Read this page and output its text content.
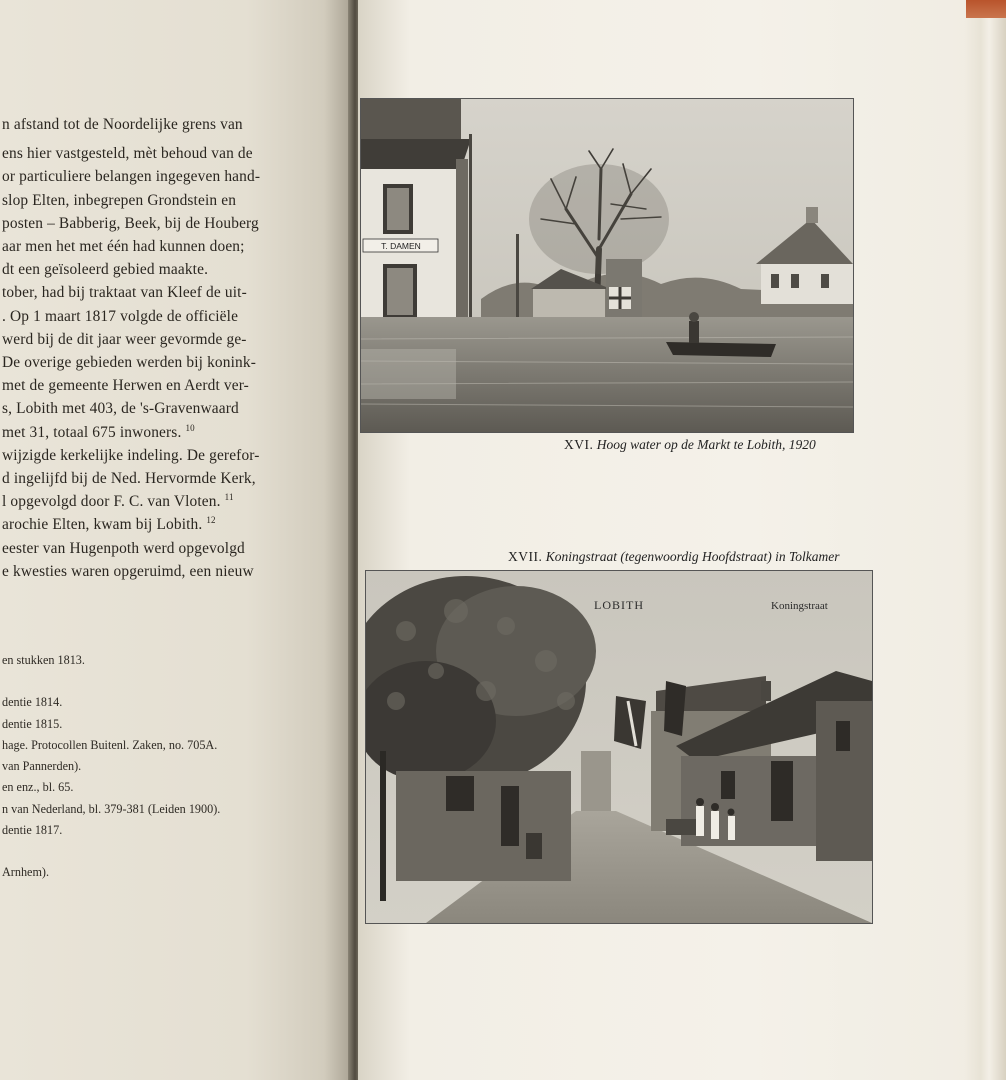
n afstand tot de Noordelijke grens van
ens hier vastgesteld, mèt behoud van de
or particuliere belangen ingegeven hand-
slop Elten, inbegrepen Grondstein en
posten – Babberig, Beek, bij de Houberg
aar men het met één had kunnen doen;
dt een geïsoleerd gebied maakte.
tober, had bij traktaat van Kleef de uit-
. Op 1 maart 1817 volgde de officiële
werd bij de dit jaar weer gevormde ge-
De overige gebieden werden bij konink-
met de gemeente Herwen en Aerdt ver-
s, Lobith met 403, de 's-Gravenwaard
met 31, totaal 675 inwoners. $^{10}$
wijzigde kerkelijke indeling. De gerefor-
d ingelijfd bij de Ned. Hervormde Kerk,
l opgevolgd door F. C. van Vloten. $^{11}$
arochie Elten, kwam bij Lobith. $^{12}$
eester van Hugenpoth werd opgevolgd
e kwesties waren opgeruimd, een nieuw
en stukken 1813.
dentie 1814.
dentie 1815.
hage. Protocollen Buitenl. Zaken, no. 705A.
van Pannerden).
en enz., bl. 65.
n van Nederland, bl. 379-381 (Leiden 1900).
dentie 1817.
Arnhem).
T. DAMEN
XVI. Hoog water op de Markt te Lobith, 1920
XVII. Koningstraat (tegenwoordig Hoofdstraat) in Tolkamer
LOBITH	Koningstraat
